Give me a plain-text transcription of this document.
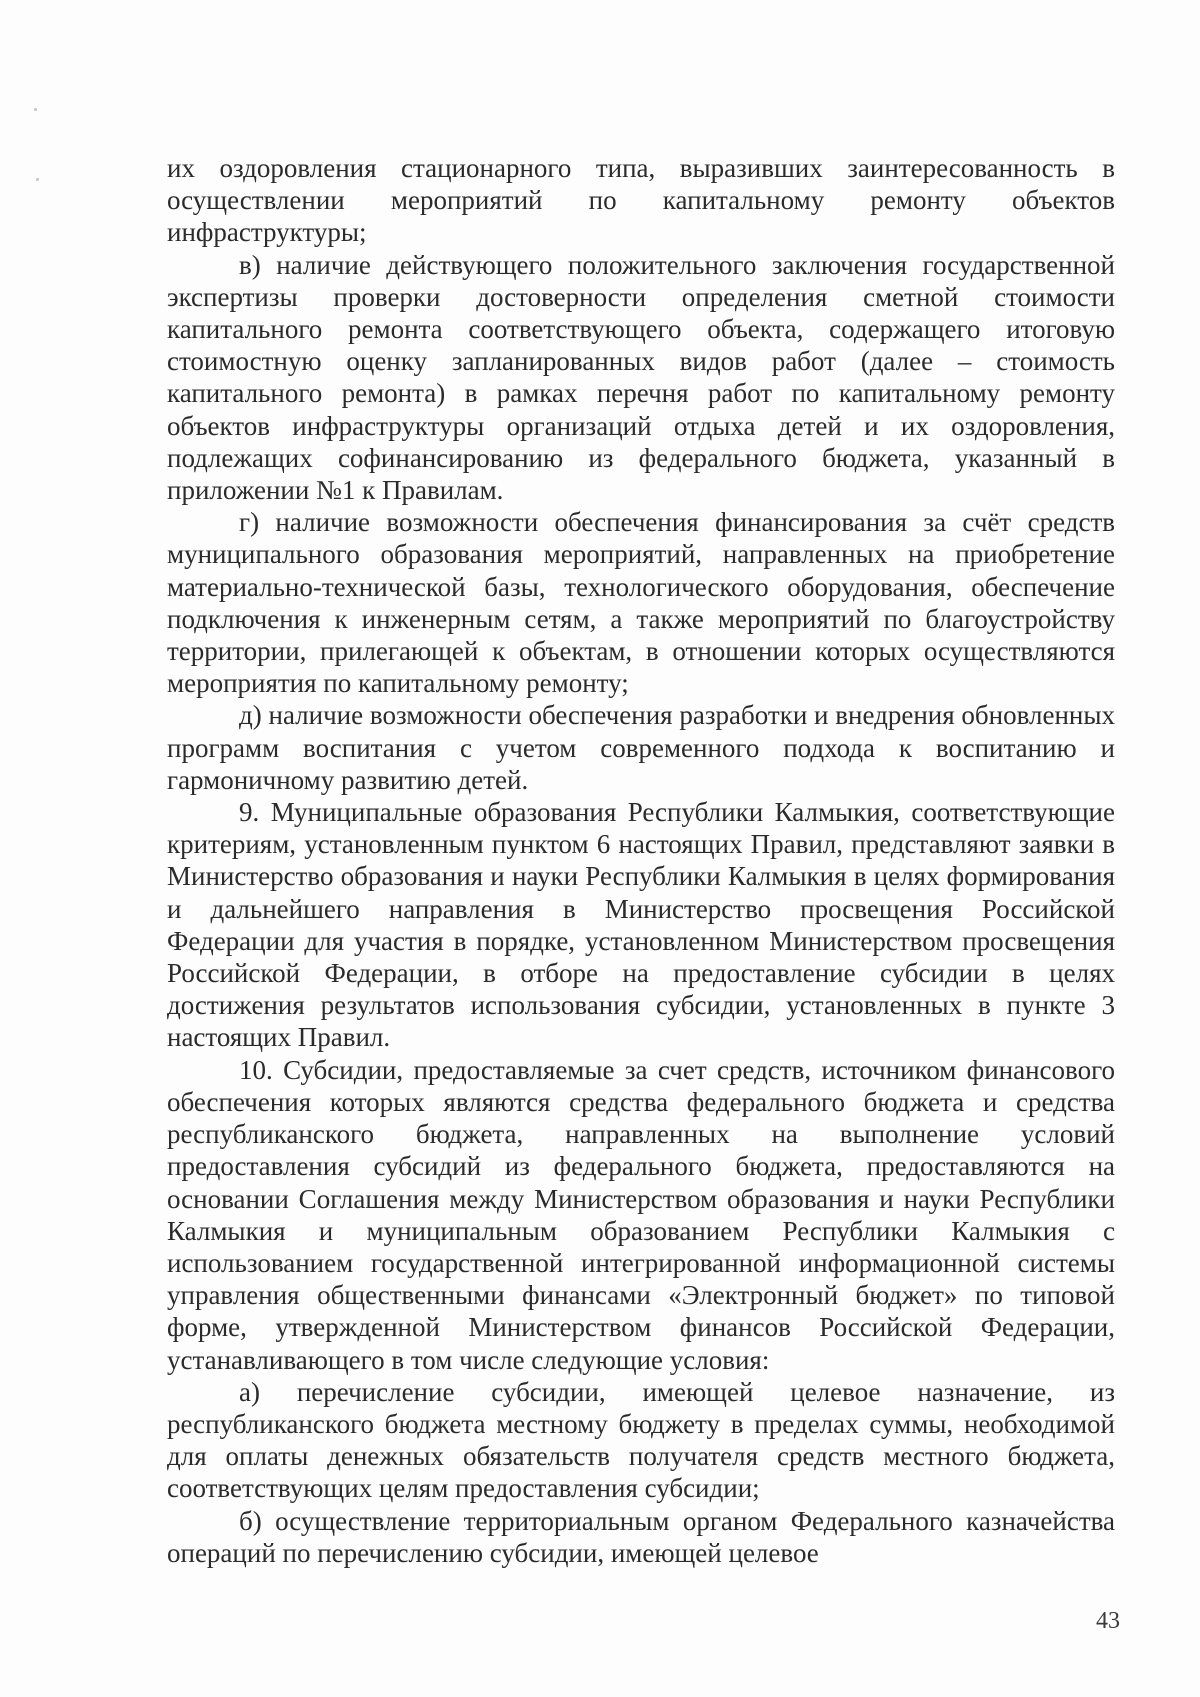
их оздоровления стационарного типа, выразивших заинтересованность в осуществлении мероприятий по капитальному ремонту объектов инфраструктуры;

в) наличие действующего положительного заключения государственной экспертизы проверки достоверности определения сметной стоимости капитального ремонта соответствующего объекта, содержащего итоговую стоимостную оценку запланированных видов работ (далее – стоимость капитального ремонта) в рамках перечня работ по капитальному ремонту объектов инфраструктуры организаций отдыха детей и их оздоровления, подлежащих софинансированию из федерального бюджета, указанный в приложении №1 к Правилам.

г) наличие возможности обеспечения финансирования за счёт средств муниципального образования мероприятий, направленных на приобретение материально-технической базы, технологического оборудования, обеспечение подключения к инженерным сетям, а также мероприятий по благоустройству территории, прилегающей к объектам, в отношении которых осуществляются мероприятия по капитальному ремонту;

д) наличие возможности обеспечения разработки и внедрения обновленных программ воспитания с учетом современного подхода к воспитанию и гармоничному развитию детей.

9. Муниципальные образования Республики Калмыкия, соответствующие критериям, установленным пунктом 6 настоящих Правил, представляют заявки в Министерство образования и науки Республики Калмыкия в целях формирования и дальнейшего направления в Министерство просвещения Российской Федерации для участия в порядке, установленном Министерством просвещения Российской Федерации, в отборе на предоставление субсидии в целях достижения результатов использования субсидии, установленных в пункте 3 настоящих Правил.

10. Субсидии, предоставляемые за счет средств, источником финансового обеспечения которых являются средства федерального бюджета и средства республиканского бюджета, направленных на выполнение условий предоставления субсидий из федерального бюджета, предоставляются на основании Соглашения между Министерством образования и науки Республики Калмыкия и муниципальным образованием Республики Калмыкия с использованием государственной интегрированной информационной системы управления общественными финансами «Электронный бюджет» по типовой форме, утвержденной Министерством финансов Российской Федерации, устанавливающего в том числе следующие условия:

а) перечисление субсидии, имеющей целевое назначение, из республиканского бюджета местному бюджету в пределах суммы, необходимой для оплаты денежных обязательств получателя средств местного бюджета, соответствующих целям предоставления субсидии;

б) осуществление территориальным органом Федерального казначейства операций по перечислению субсидии, имеющей целевое

43
